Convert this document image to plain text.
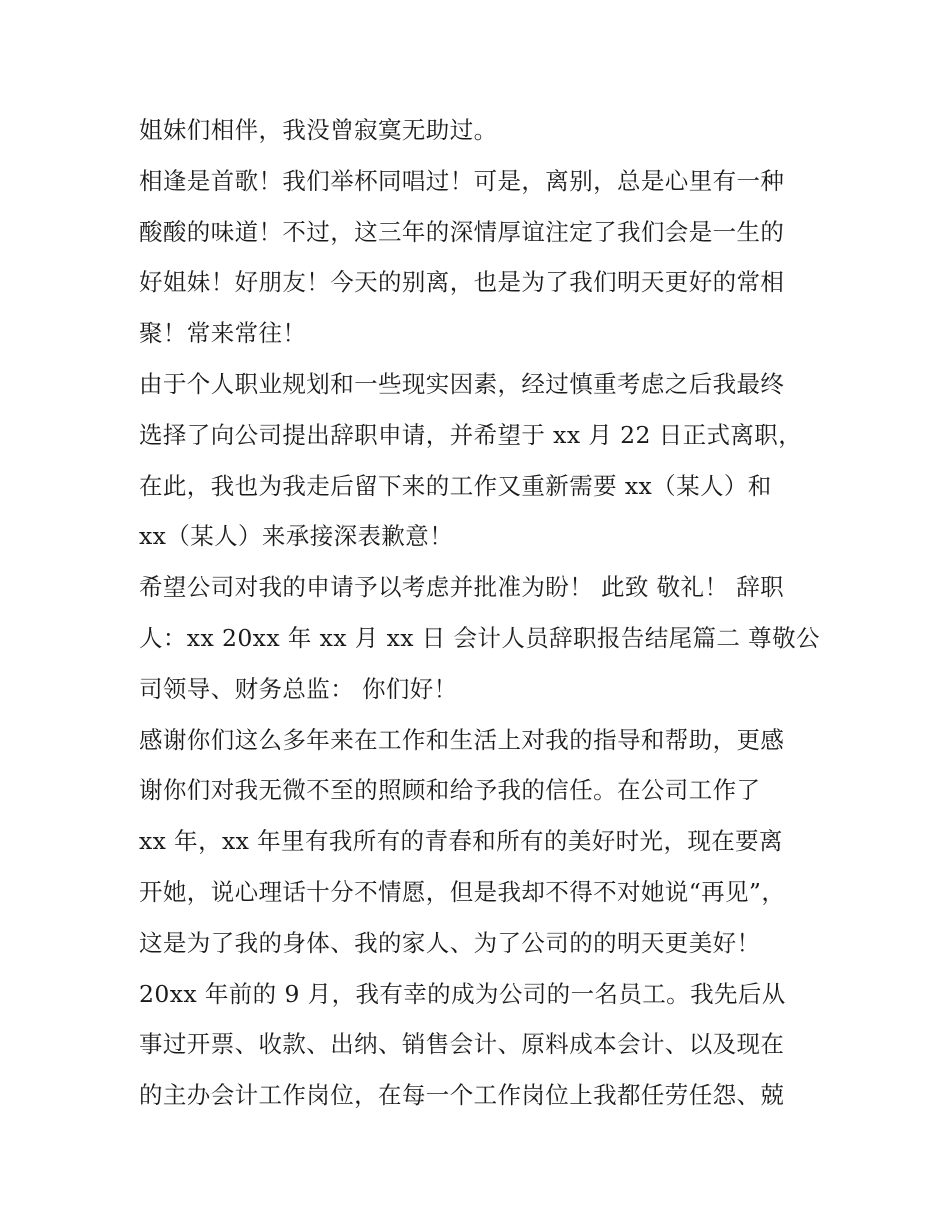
姐妹们相伴，我没曾寂寞无助过。
相逢是首歌！我们举杯同唱过！可是，离别，总是心里有一种
酸酸的味道！不过，这三年的深情厚谊注定了我们会是一生的
好姐妹！好朋友！今天的别离，也是为了我们明天更好的常相
聚！常来常往！
由于个人职业规划和一些现实因素，经过慎重考虑之后我最终
选择了向公司提出辞职申请，并希望于 xx 月 22 日正式离职，
在此，我也为我走后留下来的工作又重新需要 xx（某人）和
xx（某人）来承接深表歉意！
希望公司对我的申请予以考虑并批准为盼！ 此致 敬礼！ 辞职
人：xx 20xx 年 xx 月 xx 日 会计人员辞职报告结尾篇二 尊敬公
司领导、财务总监： 你们好！
感谢你们这么多年来在工作和生活上对我的指导和帮助，更感
谢你们对我无微不至的照顾和给予我的信任。在公司工作了
xx 年，xx 年里有我所有的青春和所有的美好时光，现在要离
开她，说心理话十分不情愿，但是我却不得不对她说“再见”，
这是为了我的身体、我的家人、为了公司的的明天更美好！
20xx 年前的 9 月，我有幸的成为公司的一名员工。我先后从
事过开票、收款、出纳、销售会计、原料成本会计、以及现在
的主办会计工作岗位，在每一个工作岗位上我都任劳任怨、兢
